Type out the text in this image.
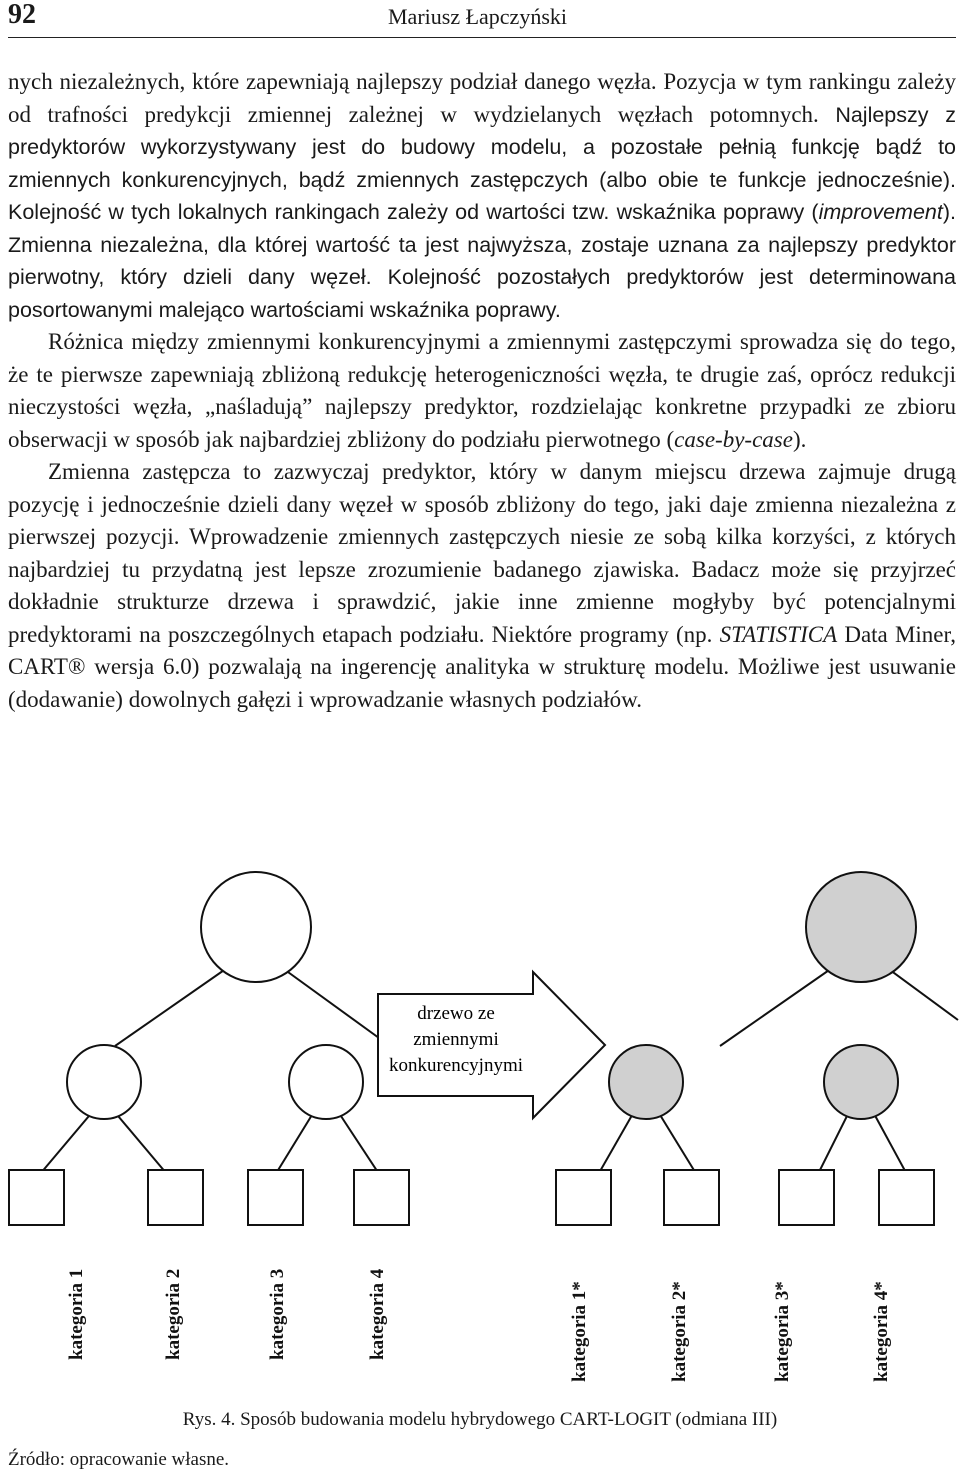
92	Mariusz Łapczyński

nych niezależnych, które zapewniają najlepszy podział danego węzła. Pozycja w tym rankingu zależy od trafności predykcji zmiennej zależnej w wydzielanych węzłach potomnych. Najlepszy z predyktorów wykorzystywany jest do budowy modelu, a pozostałe pełnią funkcję bądź to zmiennych konkurencyjnych, bądź zmiennych zastępczych (albo obie te funkcje jednocześnie). Kolejność w tych lokalnych rankingach zależy od wartości tzw. wskaźnika poprawy (improvement). Zmienna niezależna, dla której wartość ta jest najwyższa, zostaje uznana za najlepszy predyktor pierwotny, który dzieli dany węzeł. Kolejność pozostałych predyktorów jest determinowana posortowanymi malejąco wartościami wskaźnika poprawy.

Różnica między zmiennymi konkurencyjnymi a zmiennymi zastępczymi sprowadza się do tego, że te pierwsze zapewniają zbliżoną redukcję heterogeniczności węzła, te drugie zaś, oprócz redukcji nieczystości węzła, „naśladują” najlepszy predyktor, rozdzielając konkretne przypadki ze zbioru obserwacji w sposób jak najbardziej zbliżony do podziału pierwotnego (case-by-case).

Zmienna zastępcza to zazwyczaj predyktor, który w danym miejscu drzewa zajmuje drugą pozycję i jednocześnie dzieli dany węzeł w sposób zbliżony do tego, jaki daje zmienna niezależna z pierwszej pozycji. Wprowadzenie zmiennych zastępczych niesie ze sobą kilka korzyści, z których najbardziej tu przydatną jest lepsze zrozumienie badanego zjawiska. Badacz może się przyjrzeć dokładnie strukturze drzewa i sprawdzić, jakie inne zmienne mogłyby być potencjalnymi predyktorami na poszczególnych etapach podziału. Niektóre programy (np. STATISTICA Data Miner, CART® wersja 6.0) pozwalają na ingerencję analityka w strukturę modelu. Możliwe jest usuwanie (dodawanie) dowolnych gałęzi i wprowadzanie własnych podziałów.

drzewo ze
zmiennymi
konkurencyjnymi
kategoria 1	kategoria 2	kategoria 3	kategoria 4	kategoria 1*	kategoria 2*	kategoria 3*	kategoria 4*
Rys. 4. Sposób budowania modelu hybrydowego CART-LOGIT (odmiana III)
Źródło: opracowanie własne.
